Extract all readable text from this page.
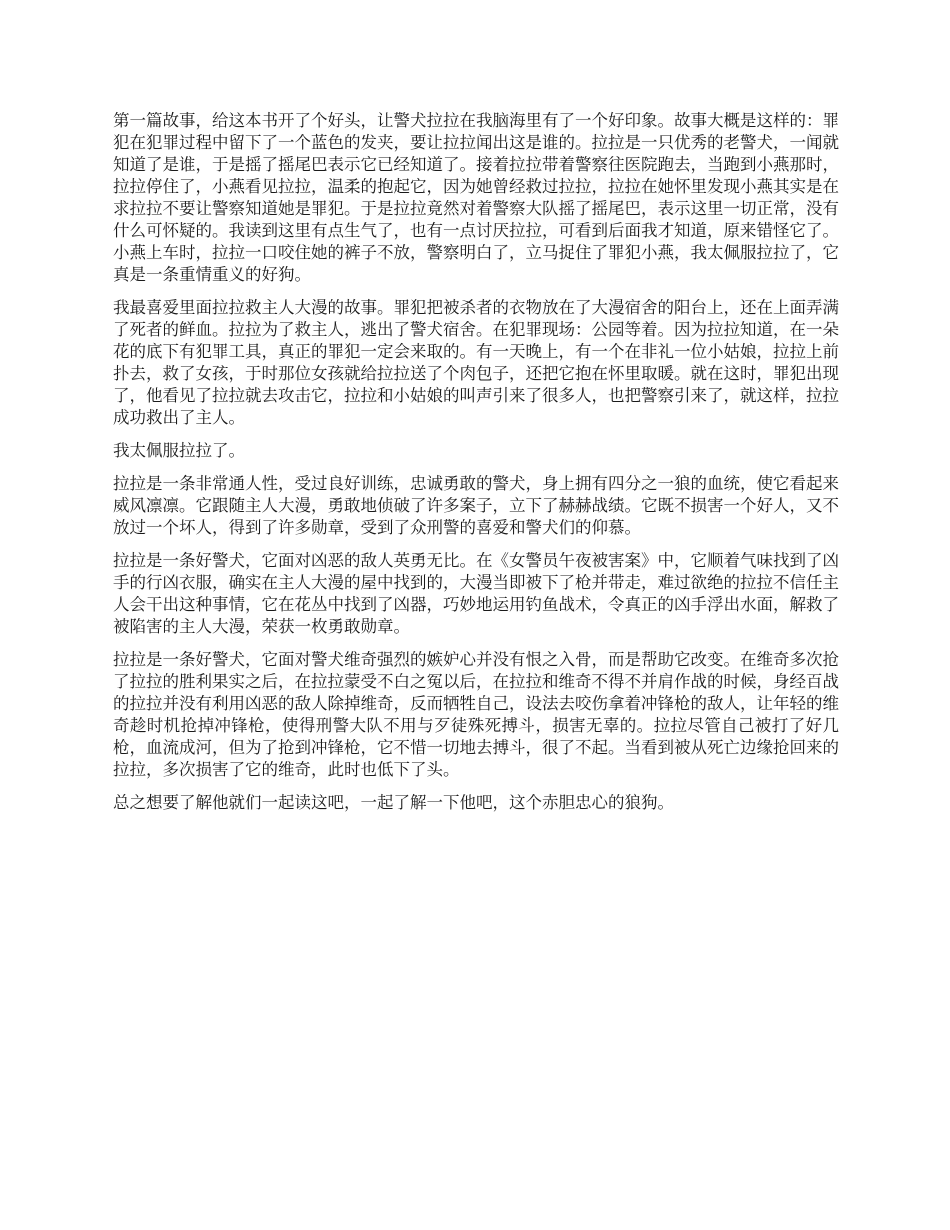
第一篇故事，给这本书开了个好头，让警犬拉拉在我脑海里有了一个好印象。故事大概是这样的：罪犯在犯罪过程中留下了一个蓝色的发夹，要让拉拉闻出这是谁的。拉拉是一只优秀的老警犬，一闻就知道了是谁，于是摇了摇尾巴表示它已经知道了。接着拉拉带着警察往医院跑去，当跑到小燕那时，拉拉停住了，小燕看见拉拉，温柔的抱起它，因为她曾经救过拉拉，拉拉在她怀里发现小燕其实是在求拉拉不要让警察知道她是罪犯。于是拉拉竟然对着警察大队摇了摇尾巴，表示这里一切正常，没有什么可怀疑的。我读到这里有点生气了，也有一点讨厌拉拉，可看到后面我才知道，原来错怪它了。小燕上车时，拉拉一口咬住她的裤子不放，警察明白了，立马捉住了罪犯小燕，我太佩服拉拉了，它真是一条重情重义的好狗。

我最喜爱里面拉拉救主人大漫的故事。罪犯把被杀者的衣物放在了大漫宿舍的阳台上，还在上面弄满了死者的鲜血。拉拉为了救主人，逃出了警犬宿舍。在犯罪现场：公园等着。因为拉拉知道，在一朵花的底下有犯罪工具，真正的罪犯一定会来取的。有一天晚上，有一个在非礼一位小姑娘，拉拉上前扑去，救了女孩，于时那位女孩就给拉拉送了个肉包子，还把它抱在怀里取暖。就在这时，罪犯出现了，他看见了拉拉就去攻击它，拉拉和小姑娘的叫声引来了很多人，也把警察引来了，就这样，拉拉成功救出了主人。

我太佩服拉拉了。

拉拉是一条非常通人性，受过良好训练，忠诚勇敢的警犬，身上拥有四分之一狼的血统，使它看起来威风凛凛。它跟随主人大漫，勇敢地侦破了许多案子，立下了赫赫战绩。它既不损害一个好人，又不放过一个坏人，得到了许多勋章，受到了众刑警的喜爱和警犬们的仰慕。

拉拉是一条好警犬，它面对凶恶的敌人英勇无比。在《女警员午夜被害案》中，它顺着气味找到了凶手的行凶衣服，确实在主人大漫的屋中找到的，大漫当即被下了枪并带走，难过欲绝的拉拉不信任主人会干出这种事情，它在花丛中找到了凶器，巧妙地运用钓鱼战术，令真正的凶手浮出水面，解救了被陷害的主人大漫，荣获一枚勇敢勋章。

拉拉是一条好警犬，它面对警犬维奇强烈的嫉妒心并没有恨之入骨，而是帮助它改变。在维奇多次抢了拉拉的胜利果实之后，在拉拉蒙受不白之冤以后，在拉拉和维奇不得不并肩作战的时候，身经百战的拉拉并没有利用凶恶的敌人除掉维奇，反而牺牲自己，设法去咬伤拿着冲锋枪的敌人，让年轻的维奇趁时机抢掉冲锋枪，使得刑警大队不用与歹徒殊死搏斗，损害无辜的。拉拉尽管自己被打了好几枪，血流成河，但为了抢到冲锋枪，它不惜一切地去搏斗，很了不起。当看到被从死亡边缘抢回来的拉拉，多次损害了它的维奇，此时也低下了头。

总之想要了解他就们一起读这吧，一起了解一下他吧，这个赤胆忠心的狼狗。
